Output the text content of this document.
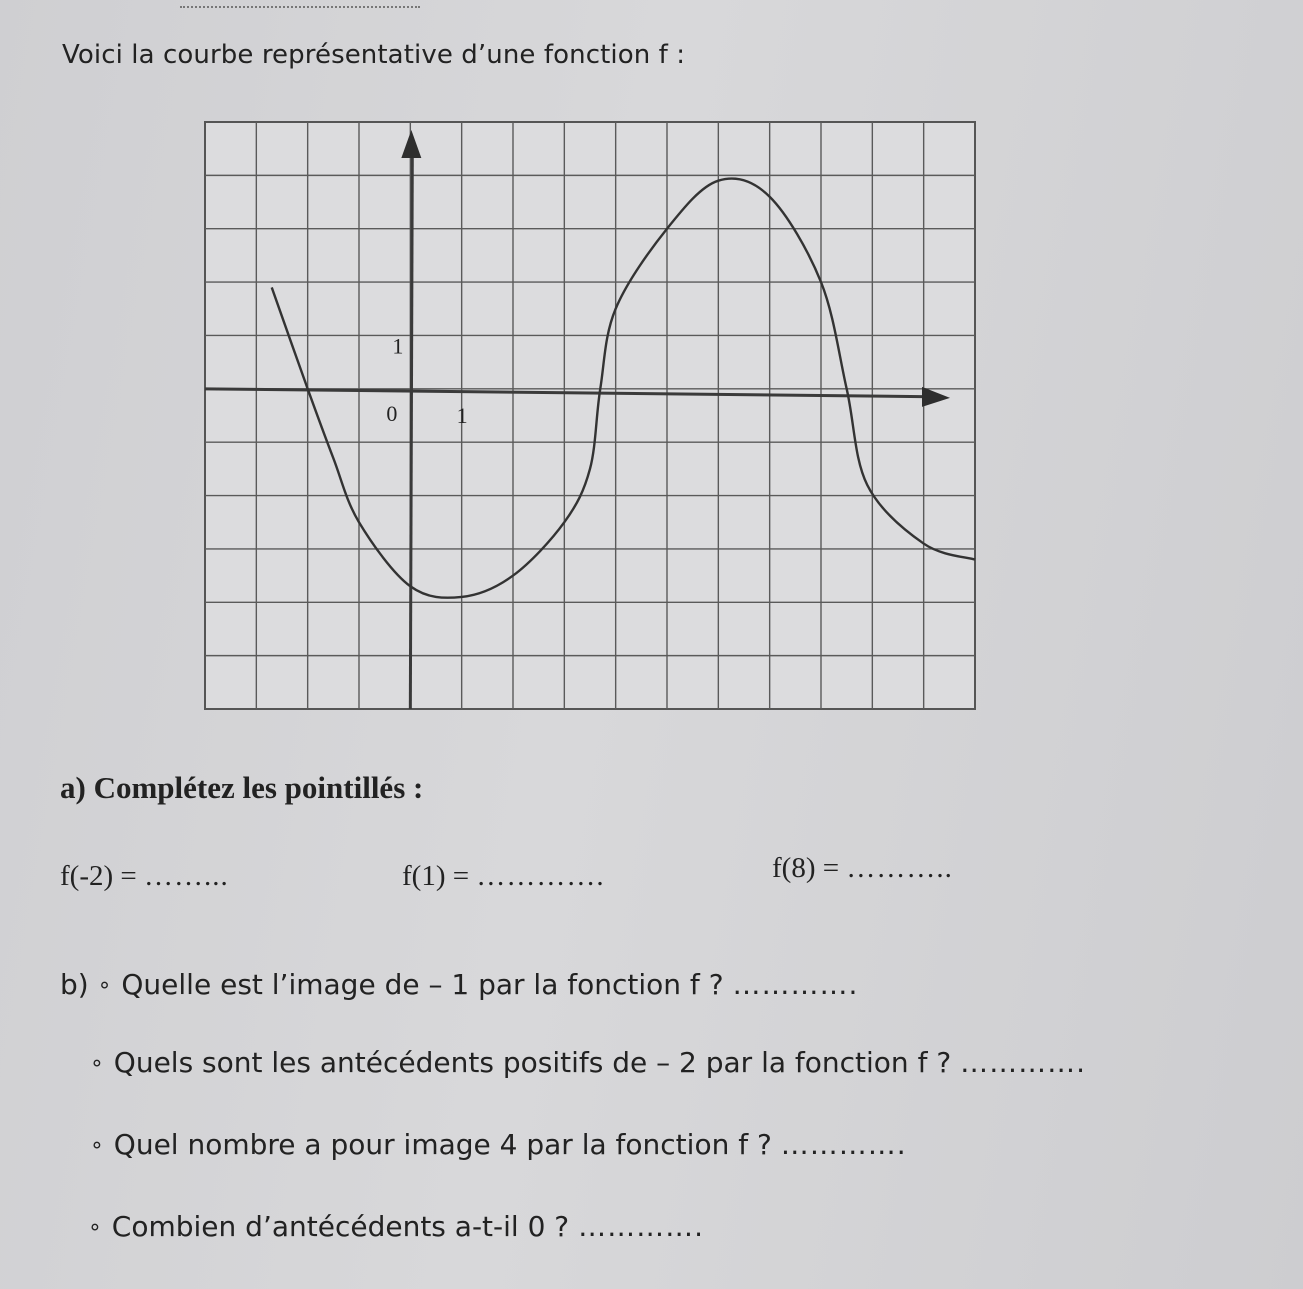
Voici la courbe représentative d’une fonction f :
0	1
1
a) Complétez les pointillés :
f(-2) = ……...	f(1) = ………….	f(8) = ………..
b) ∘ Quelle est l’image de – 1 par la fonction f ? ………….
∘ Quels sont les antécédents positifs de – 2 par la fonction f ? ………….
∘ Quel nombre a pour image 4 par la fonction f ? ………….
∘ Combien d’antécédents a-t-il 0 ? ………….
